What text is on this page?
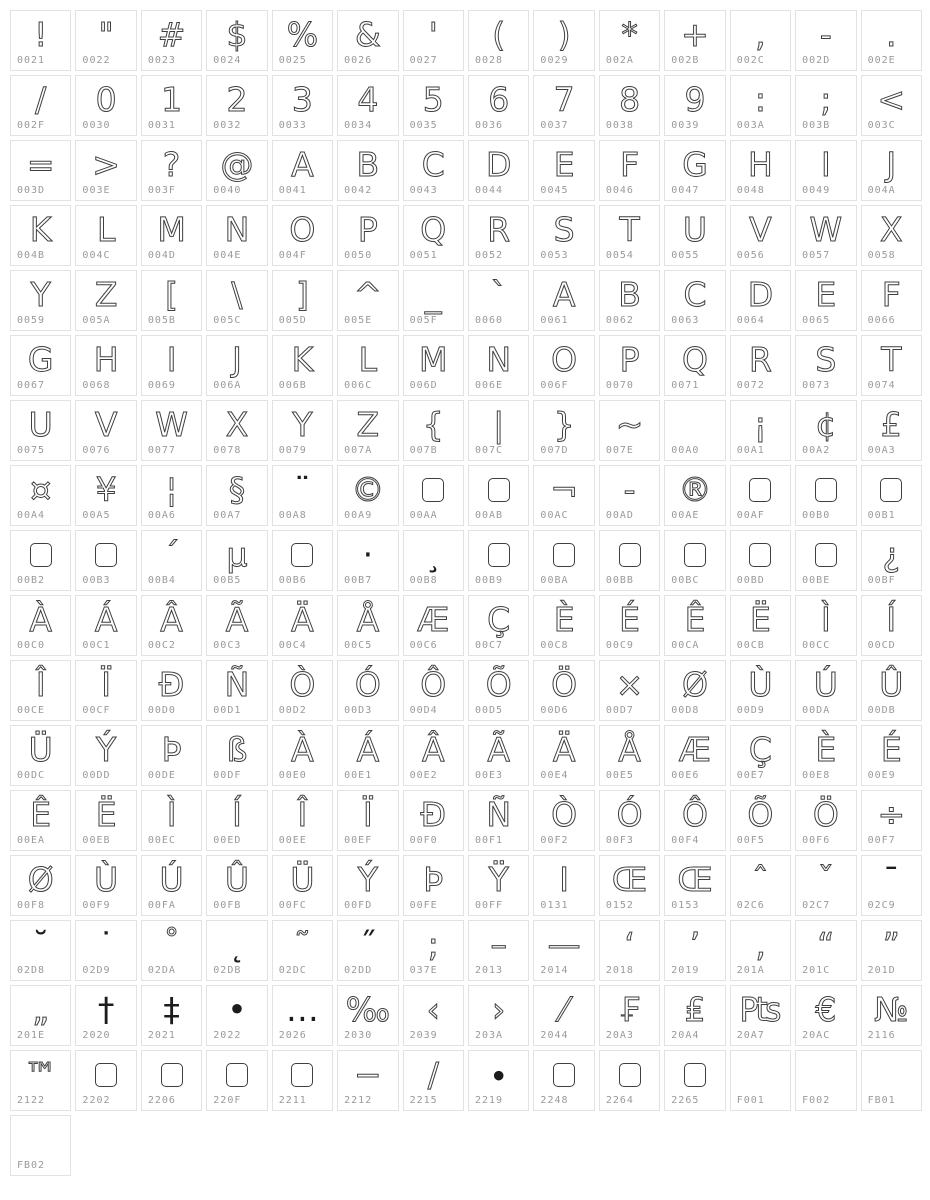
!
0021
"
0022
#
0023
$
0024
%
0025
&
0026
'
0027
(
0028
)
0029
*
002A
+
002B
,
002C
-
002D
.
002E
/
002F
0
0030
1
0031
2
0032
3
0033
4
0034
5
0035
6
0036
7
0037
8
0038
9
0039
:
003A
;
003B
<
003C
=
003D
>
003E
?
003F
@
0040
A
0041
B
0042
C
0043
D
0044
E
0045
F
0046
G
0047
H
0048
I
0049
J
004A
K
004B
L
004C
M
004D
N
004E
O
004F
P
0050
Q
0051
R
0052
S
0053
T
0054
U
0055
V
0056
W
0057
X
0058
Y
0059
Z
005A
[
005B
\
005C
]
005D
^
005E
_
005F
`
0060
A
0061
B
0062
C
0063
D
0064
E
0065
F
0066
G
0067
H
0068
I
0069
J
006A
K
006B
L
006C
M
006D
N
006E
O
006F
P
0070
Q
0071
R
0072
S
0073
T
0074
U
0075
V
0076
W
0077
X
0078
Y
0079
Z
007A
{
007B
|
007C
}
007D
~
007E	00A0
¡
00A1
¢
00A2
£
00A3
¤
00A4
¥
00A5
¦
00A6
§
00A7
¨
00A8
©
00A9	00AA	00AB
¬
00AC
-
00AD
®
00AE	00AF	00B0	00B1
00B2	00B3
´
00B4
µ
00B5	00B6
·
00B7
¸
00B8	00B9	00BA	00BB	00BC	00BD	00BE
¿
00BF
À
00C0
Á
00C1
Â
00C2
Ã
00C3
Ä
00C4
Å
00C5
Æ
00C6
Ç
00C7
È
00C8
É
00C9
Ê
00CA
Ë
00CB
Ì
00CC
Í
00CD
Î
00CE
Ï
00CF
Ð
00D0
Ñ
00D1
Ò
00D2
Ó
00D3
Ô
00D4
Õ
00D5
Ö
00D6
×
00D7
Ø
00D8
Ù
00D9
Ú
00DA
Û
00DB
Ü
00DC
Ý
00DD
Þ
00DE
ß
00DF
À
00E0
Á
00E1
Â
00E2
Ã
00E3
Ä
00E4
Å
00E5
Æ
00E6
Ç
00E7
È
00E8
É
00E9
Ê
00EA
Ë
00EB
Ì
00EC
Í
00ED
Î
00EE
Ï
00EF
Ð
00F0
Ñ
00F1
Ò
00F2
Ó
00F3
Ô
00F4
Õ
00F5
Ö
00F6
÷
00F7
Ø
00F8
Ù
00F9
Ú
00FA
Û
00FB
Ü
00FC
Ý
00FD
Þ
00FE
Ÿ
00FF
I
0131
Œ
0152
Œ
0153
ˆ
02C6
ˇ
02C7
ˉ
02C9
˘
02D8
˙
02D9
˚
02DA
˛
02DB
˜
02DC
˝
02DD
;
037E
–
2013
—
2014
‘
2018
’
2019
‚
201A
“
201C
”
201D
„
201E
†
2020
‡
2021
•
2022
…
2026
‰
2030
‹
2039
›
203A
⁄
2044
₣
20A3
₤
20A4
₧
20A7
€
20AC
№
2116
™
2122	2202	2206	220F	2211
−
2212
∕
2215
∙
2219	2248	2264	2265	F001	F002	FB01
FB02
